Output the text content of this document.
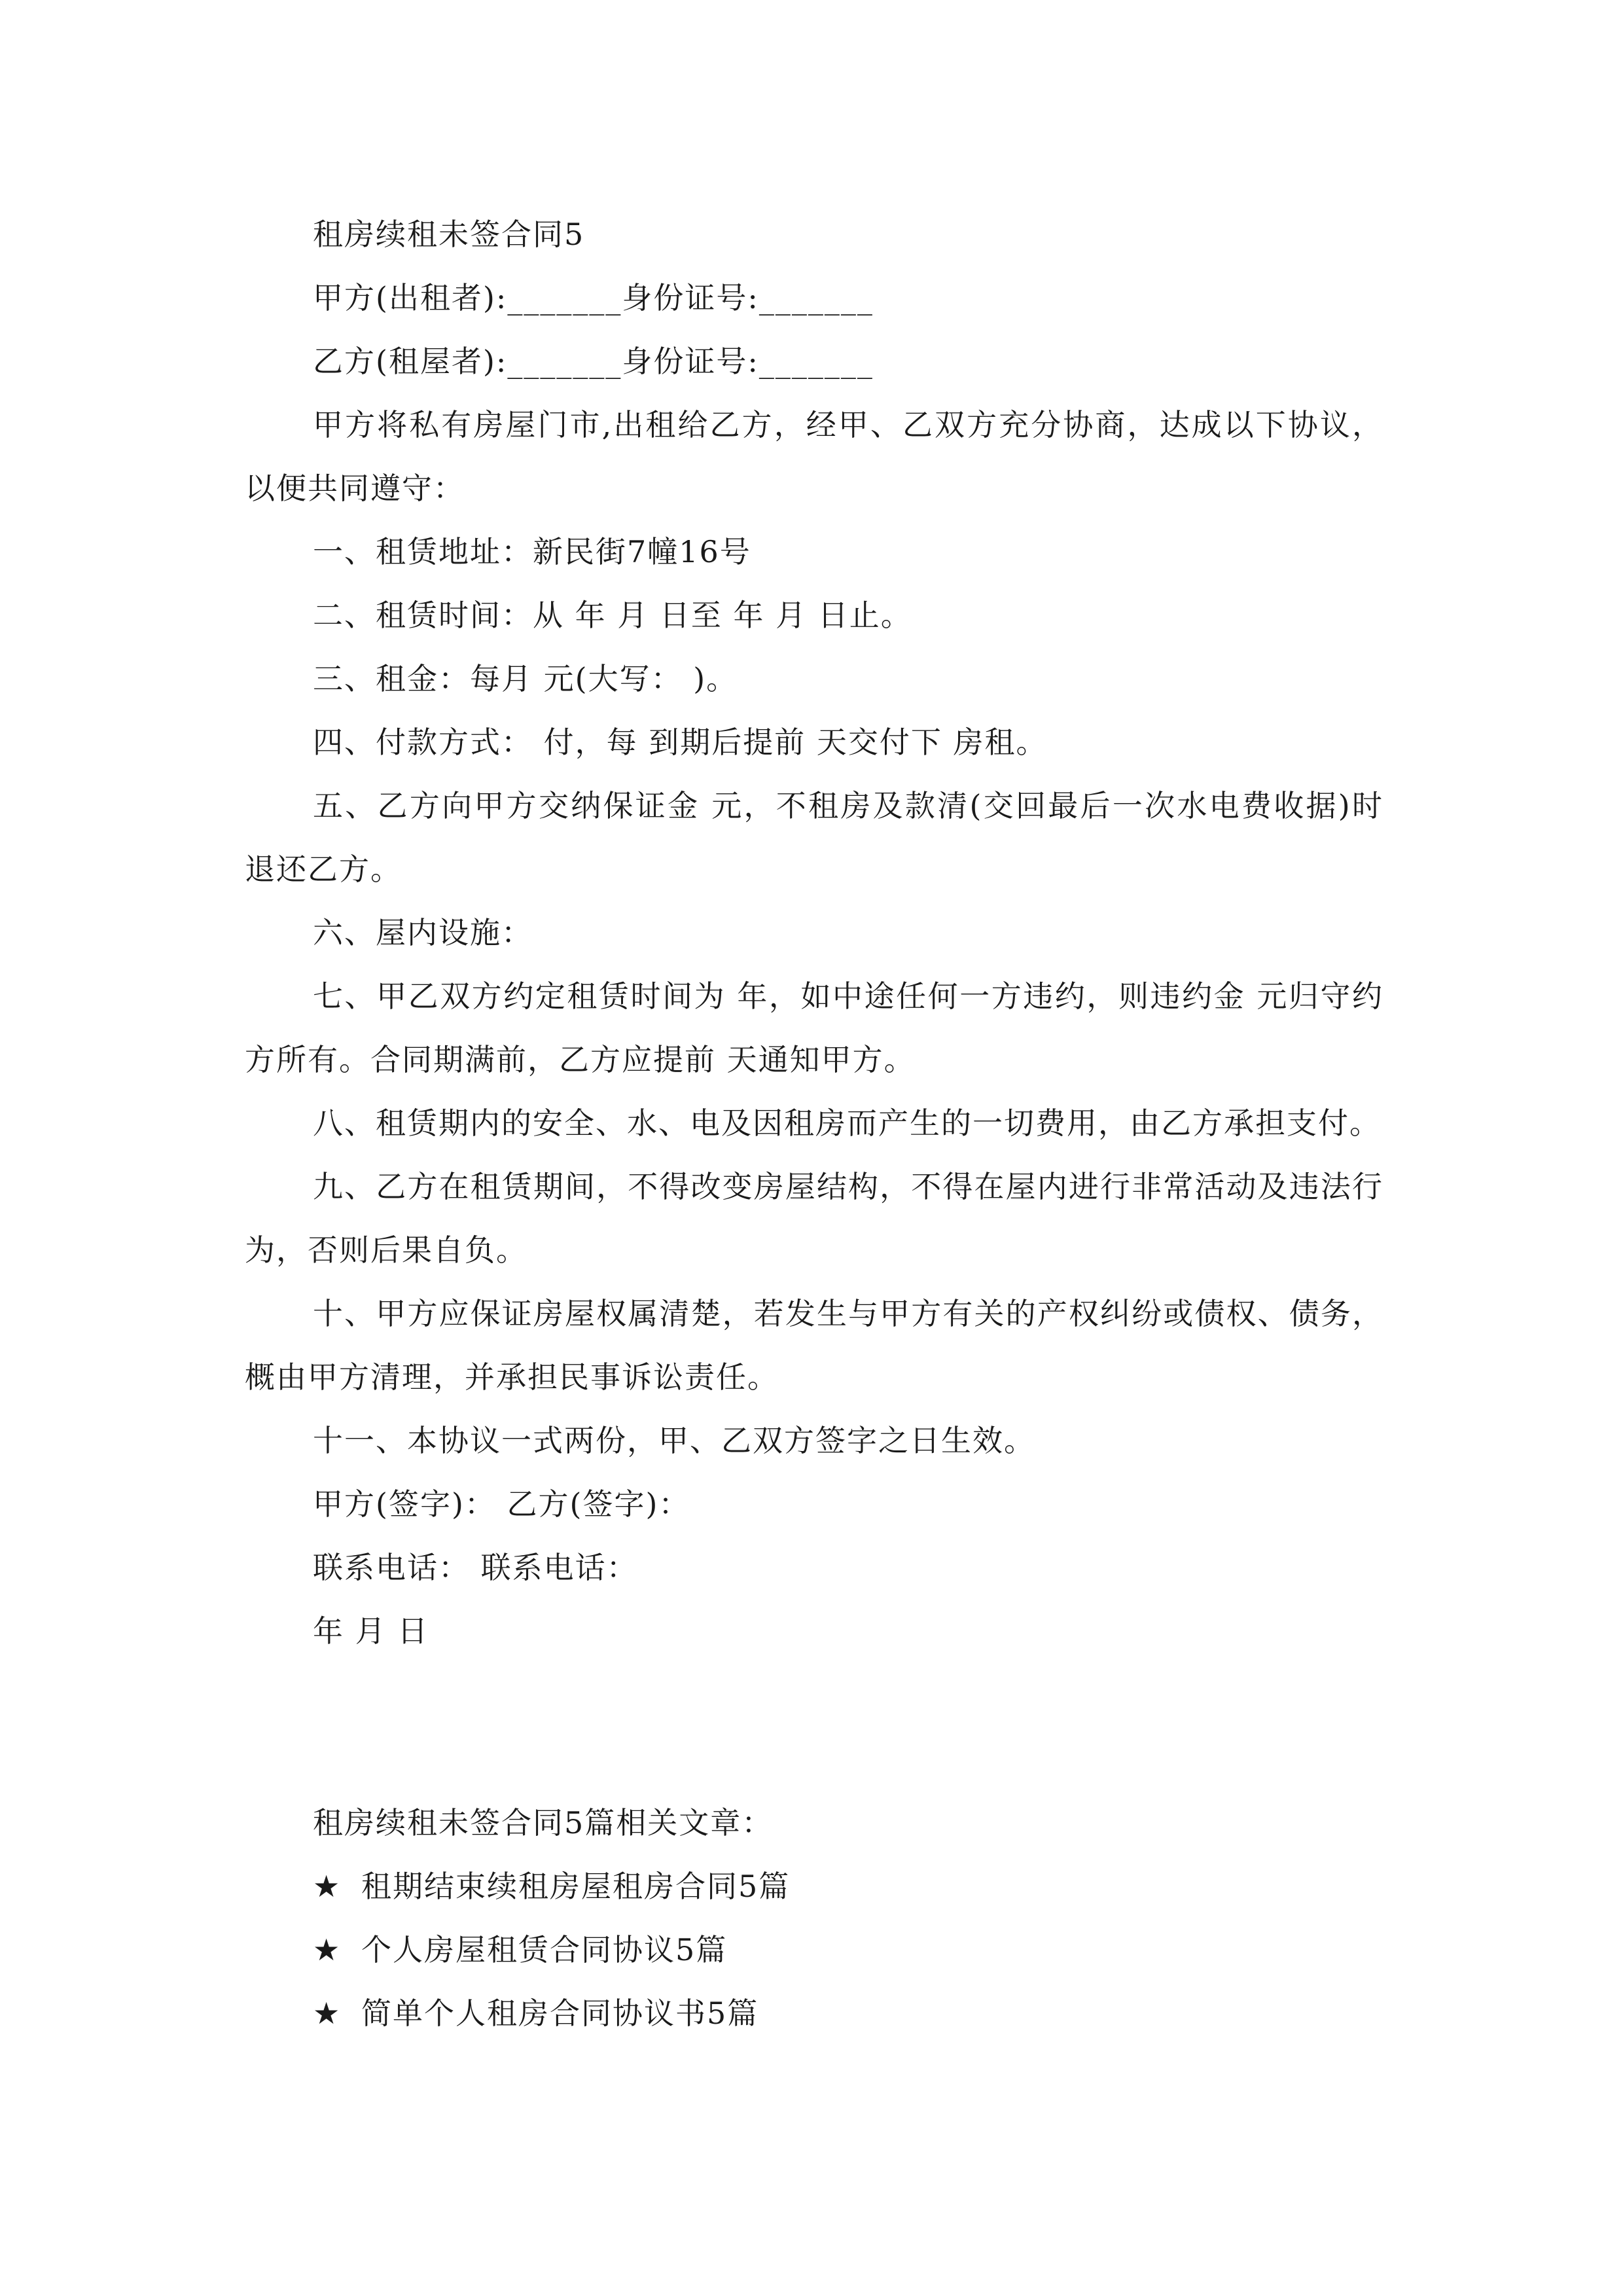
租房续租未签合同5

甲方(出租者):_______身份证号:_______

乙方(租屋者):_______身份证号:_______

甲方将私有房屋门市,出租给乙方，经甲、乙双方充分协商，达成以下协议，以便共同遵守：

一、租赁地址：新民街7幢16号

二、租赁时间：从 年 月 日至 年 月 日止。

三、租金：每月 元(大写： )。

四、付款方式： 付，每 到期后提前 天交付下 房租。

五、乙方向甲方交纳保证金 元，不租房及款清(交回最后一次水电费收据)时退还乙方。

六、屋内设施：

七、甲乙双方约定租赁时间为 年，如中途任何一方违约，则违约金 元归守约方所有。合同期满前，乙方应提前 天通知甲方。

八、租赁期内的安全、水、电及因租房而产生的一切费用，由乙方承担支付。

九、乙方在租赁期间，不得改变房屋结构，不得在屋内进行非常活动及违法行为，否则后果自负。

十、甲方应保证房屋权属清楚，若发生与甲方有关的产权纠纷或债权、债务，概由甲方清理，并承担民事诉讼责任。

十一、本协议一式两份，甲、乙双方签字之日生效。

甲方(签字)： 乙方(签字)：

联系电话： 联系电话：

年 月 日

租房续租未签合同5篇相关文章：

★ 租期结束续租房屋租房合同5篇

★ 个人房屋租赁合同协议5篇

★ 简单个人租房合同协议书5篇
